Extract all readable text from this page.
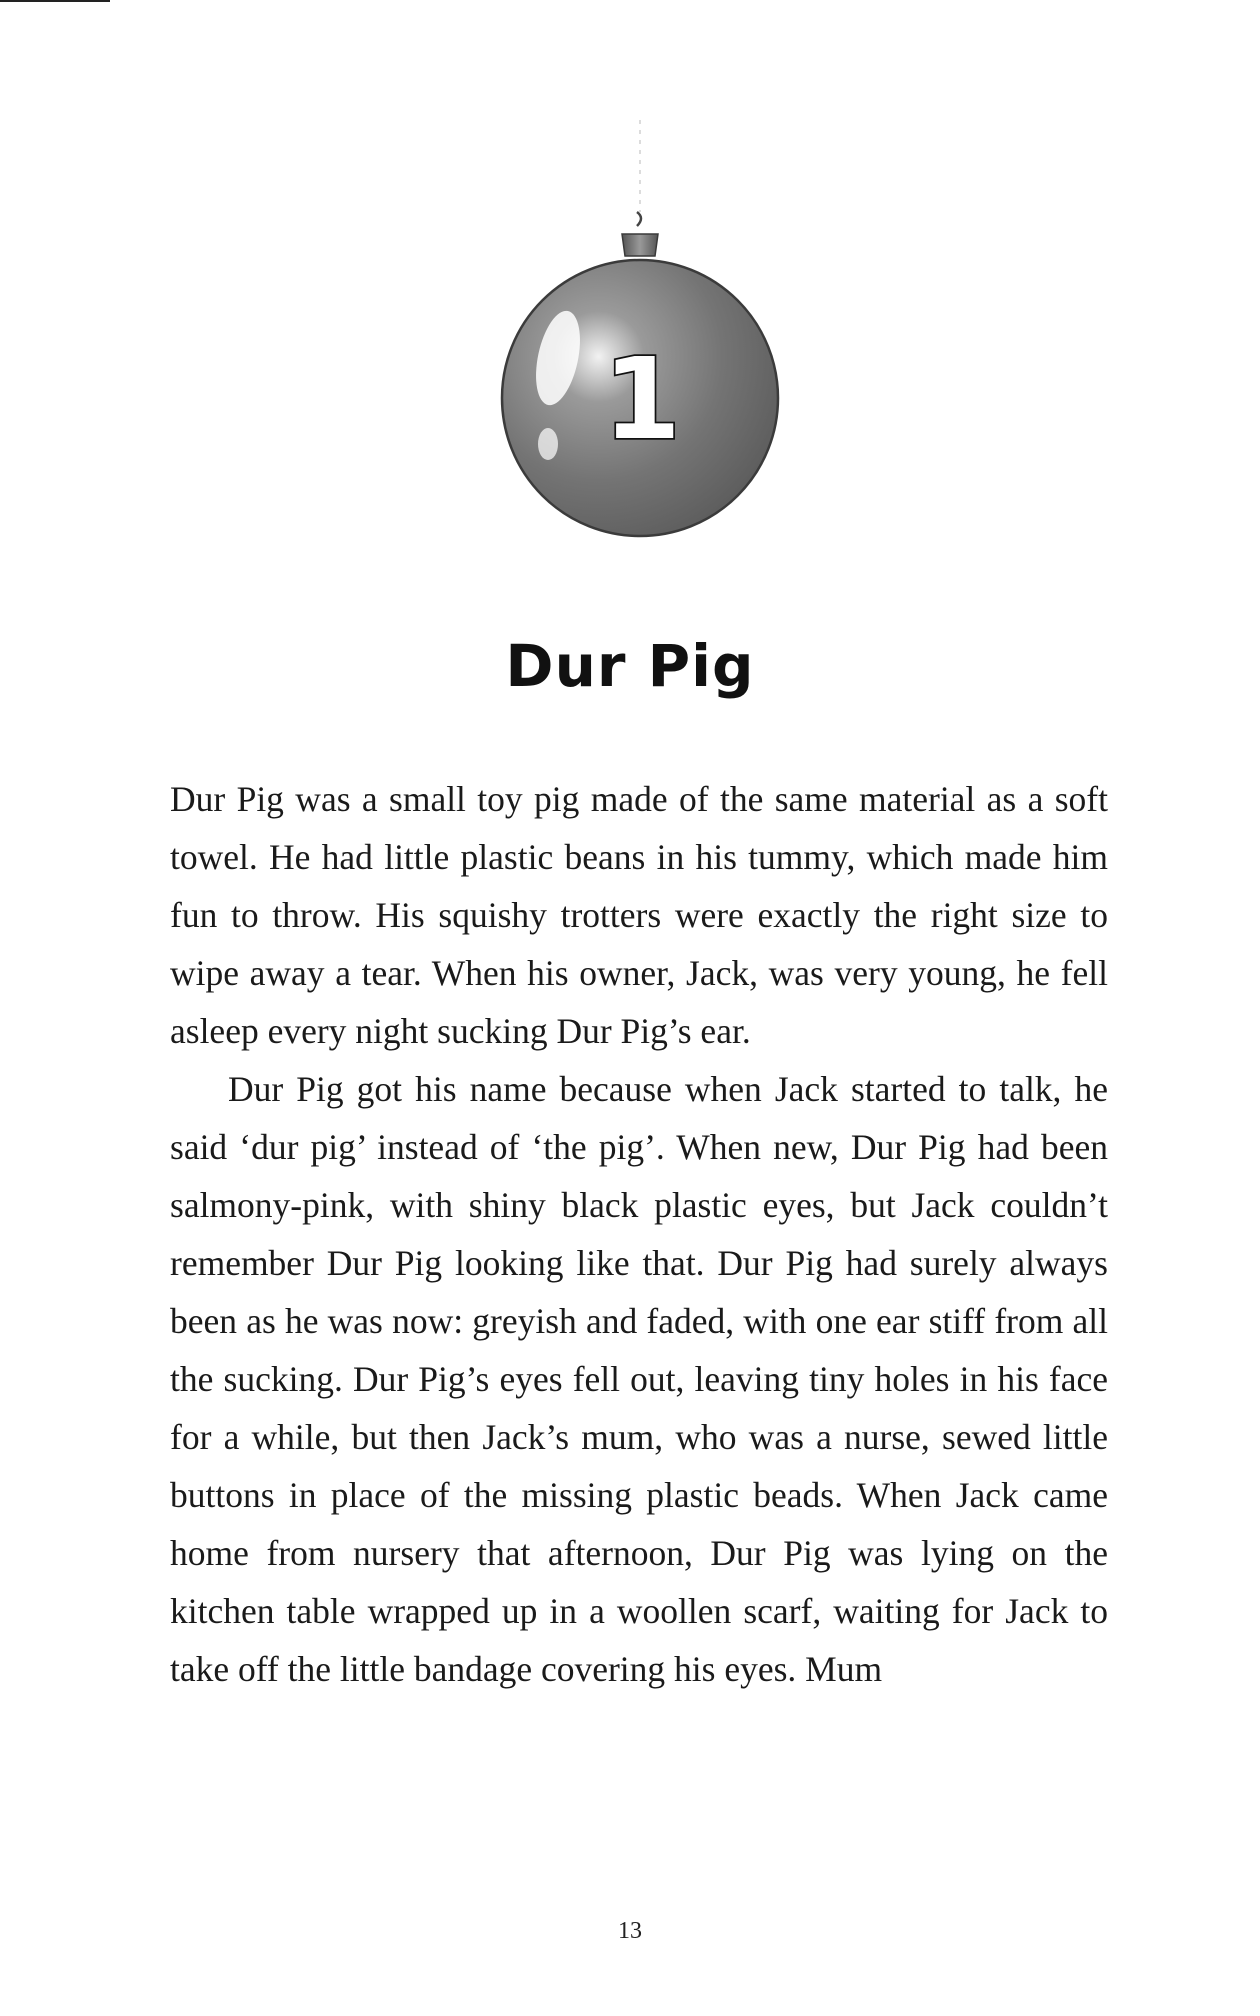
1
Dur Pig

Dur Pig was a small toy pig made of the same material as a soft towel. He had little plastic beans in his tummy, which made him fun to throw. His squishy trotters were exactly the right size to wipe away a tear. When his owner, Jack, was very young, he fell asleep every night sucking Dur Pig’s ear.

Dur Pig got his name because when Jack started to talk, he said ‘dur pig’ instead of ‘the pig’. When new, Dur Pig had been salmony-pink, with shiny black plastic eyes, but Jack couldn’t remember Dur Pig looking like that. Dur Pig had surely always been as he was now: greyish and faded, with one ear stiff from all the sucking. Dur Pig’s eyes fell out, leaving tiny holes in his face for a while, but then Jack’s mum, who was a nurse, sewed little buttons in place of the missing plastic beads. When Jack came home from nursery that afternoon, Dur Pig was lying on the kitchen table wrapped up in a woollen scarf, waiting for Jack to take off the little bandage covering his eyes. Mum

13
